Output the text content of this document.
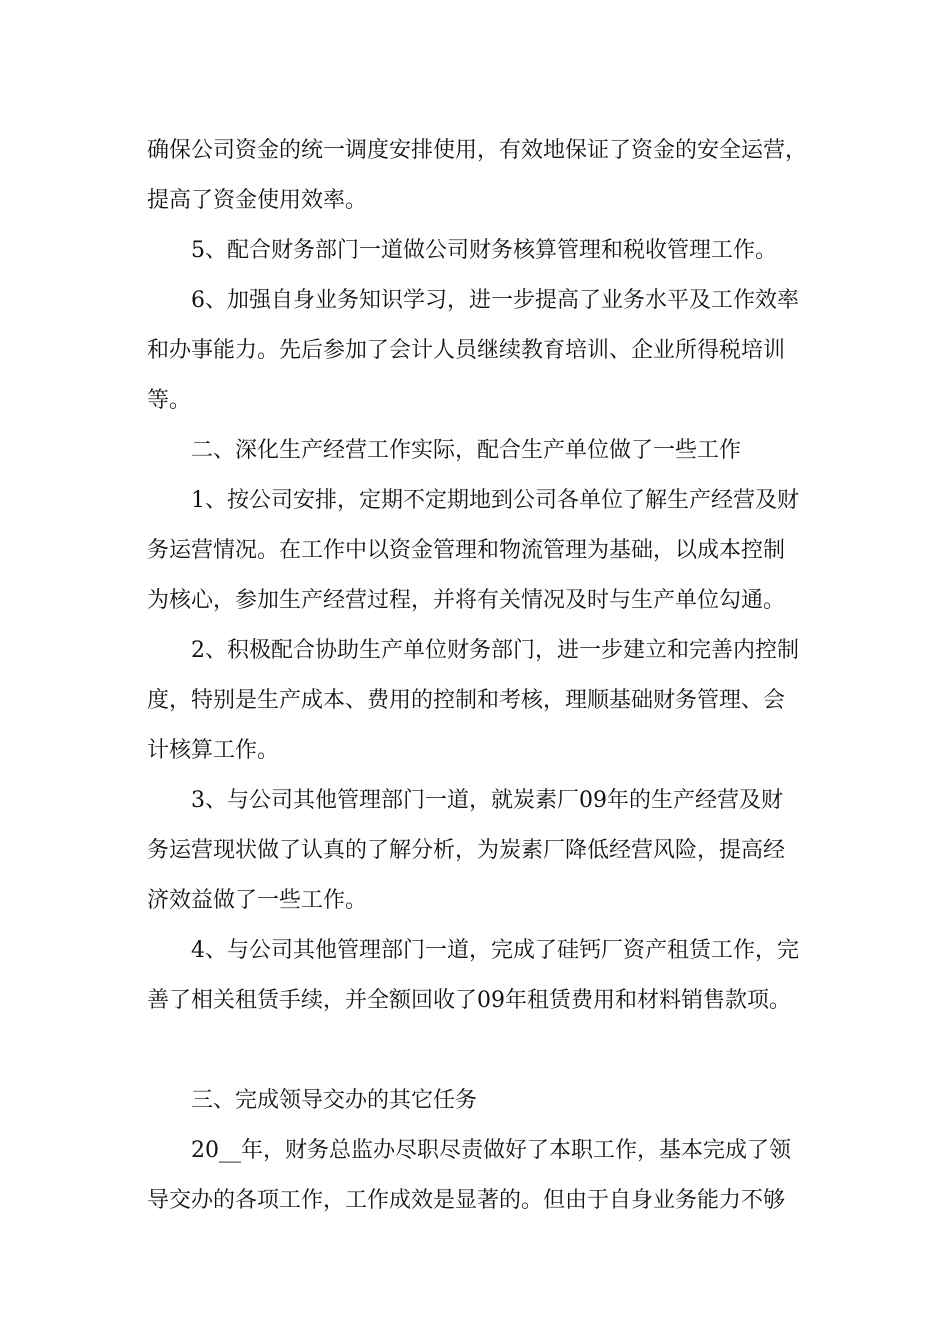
确保公司资金的统一调度安排使用，有效地保证了资金的安全运营，

提高了资金使用效率。

5、配合财务部门一道做公司财务核算管理和税收管理工作。

6、加强自身业务知识学习，进一步提高了业务水平及工作效率

和办事能力。先后参加了会计人员继续教育培训、企业所得税培训

等。

二、深化生产经营工作实际，配合生产单位做了一些工作

1、按公司安排，定期不定期地到公司各单位了解生产经营及财

务运营情况。在工作中以资金管理和物流管理为基础，以成本控制

为核心，参加生产经营过程，并将有关情况及时与生产单位勾通。

2、积极配合协助生产单位财务部门，进一步建立和完善内控制

度，特别是生产成本、费用的控制和考核，理顺基础财务管理、会

计核算工作。

3、与公司其他管理部门一道，就炭素厂09年的生产经营及财

务运营现状做了认真的了解分析，为炭素厂降低经营风险，提高经

济效益做了一些工作。

4、与公司其他管理部门一道，完成了硅钙厂资产租赁工作，完

善了相关租赁手续，并全额回收了09年租赁费用和材料销售款项。

三、完成领导交办的其它任务

20__年，财务总监办尽职尽责做好了本职工作，基本完成了领

导交办的各项工作，工作成效是显著的。但由于自身业务能力不够
